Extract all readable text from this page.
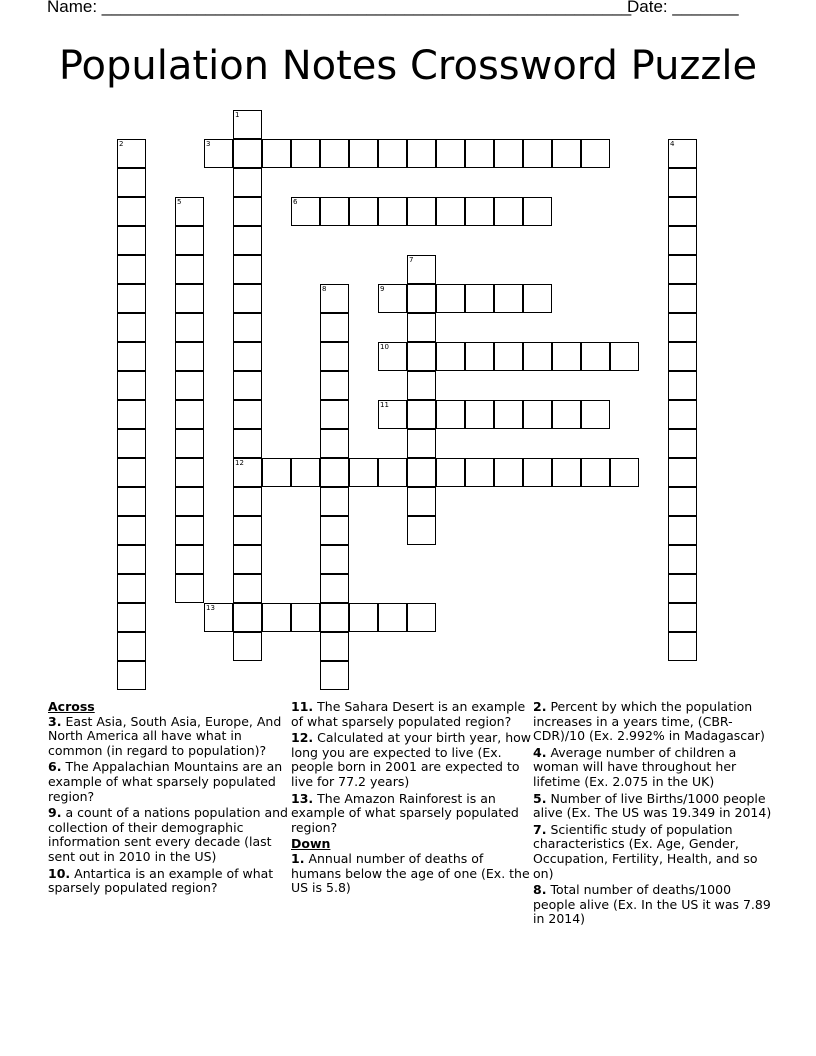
Name: ________________________________________________________
Date: _______
Population Notes Crossword Puzzle
1
12
2	3	4
5	6
7
8	9
10
11
13
Across
3. East Asia, South Asia, Europe, And North America all have what in common (in regard to population)?
6. The Appalachian Mountains are an example of what sparsely populated region?
9. a count of a nations population and collection of their demographic information sent every decade (last sent out in 2010 in the US)
10. Antartica is an example of what sparsely populated region?
11. The Sahara Desert is an example of what sparsely populated region?
12. Calculated at your birth year, how long you are expected to live (Ex. people born in 2001 are expected to live for 77.2 years)
13. The Amazon Rainforest is an example of what sparsely populated region?
Down
1. Annual number of deaths of humans below the age of one (Ex. the US is 5.8)
2. Percent by which the population increases in a years time, (CBR-CDR)/10 (Ex. 2.992% in Madagascar)
4. Average number of children a woman will have throughout her lifetime (Ex. 2.075 in the UK)
5. Number of live Births/1000 people alive (Ex. The US was 19.349 in 2014)
7. Scientific study of population characteristics (Ex. Age, Gender, Occupation, Fertility, Health, and so on)
8. Total number of deaths/1000 people alive (Ex. In the US it was 7.89 in 2014)
